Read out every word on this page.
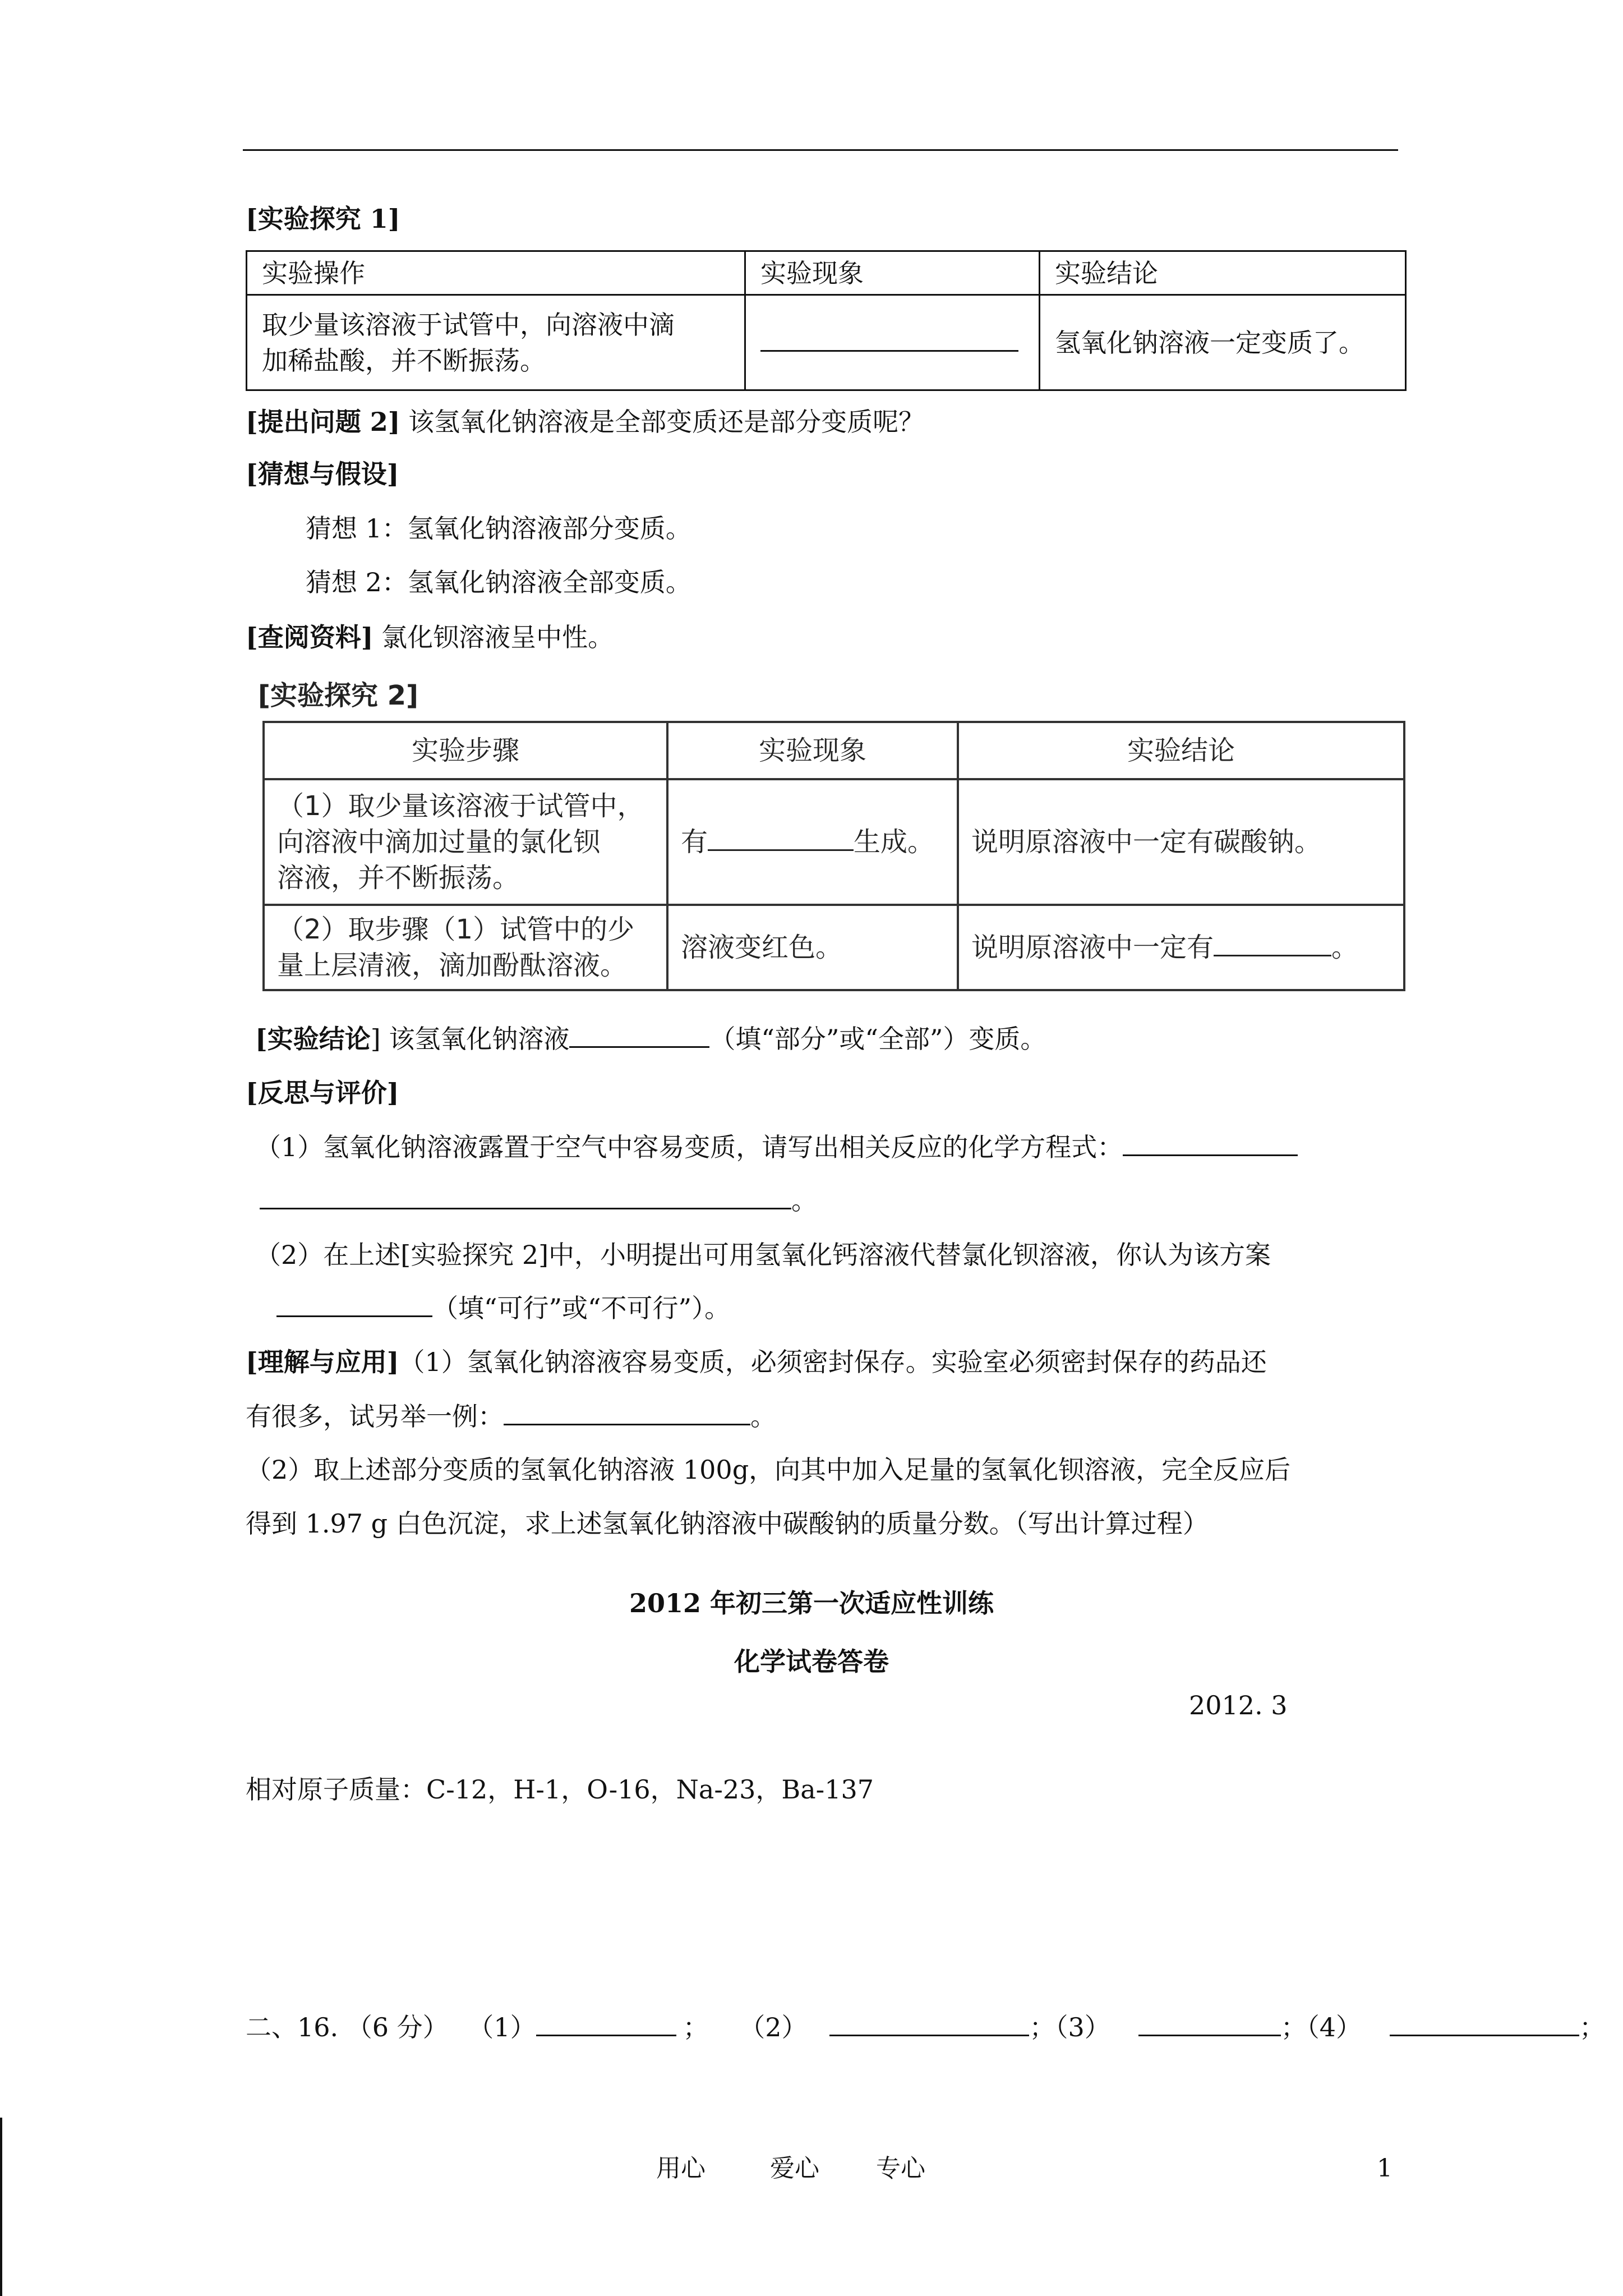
[实验探究 1]
实验操作	实验现象	实验结论

取少量该溶液于试管中，向溶液中滴
加稀盐酸，并不断振荡。		氢氧化钠溶液一定变质了。
[提出问题 2] 该氢氧化钠溶液是全部变质还是部分变质呢？
[猜想与假设]
猜想 1：氢氧化钠溶液部分变质。
猜想 2：氢氧化钠溶液全部变质。
[查阅资料] 氯化钡溶液呈中性。
[实验探究 2]
实验步骤	实验现象	实验结论

（1）取少量该溶液于试管中，
向溶液中滴加过量的氯化钡
溶液，并不断振荡。	有 生成。	说明原溶液中一定有碳酸钠。

（2）取步骤（1）试管中的少
量上层清液，滴加酚酞溶液。	溶液变红色。	说明原溶液中一定有 。
[实验结论] 该氢氧化钠溶液	（填“部分”或“全部”）变质。
[反思与评价]
（1）氢氧化钠溶液露置于空气中容易变质，请写出相关反应的化学方程式：
。
（2）在上述[实验探究 2]中，小明提出可用氢氧化钙溶液代替氯化钡溶液，你认为该方案
（填“可行”或“不可行”）。
[理解与应用]（1）氢氧化钠溶液容易变质，必须密封保存。实验室必须密封保存的药品还
有很多，试另举一例：	。
（2）取上述部分变质的氢氧化钠溶液 100g，向其中加入足量的氢氧化钡溶液，完全反应后
得到 1.97 g 白色沉淀，求上述氢氧化钠溶液中碳酸钠的质量分数。（写出计算过程）
2012 年初三第一次适应性训练
化学试卷答卷
2012. 3
相对原子质量：C-12，H-1，O-16，Na-23，Ba-137
二、16. （6 分） （1）	； （2）	；（3）	；（4）	；
用心	爱心 专心	1
